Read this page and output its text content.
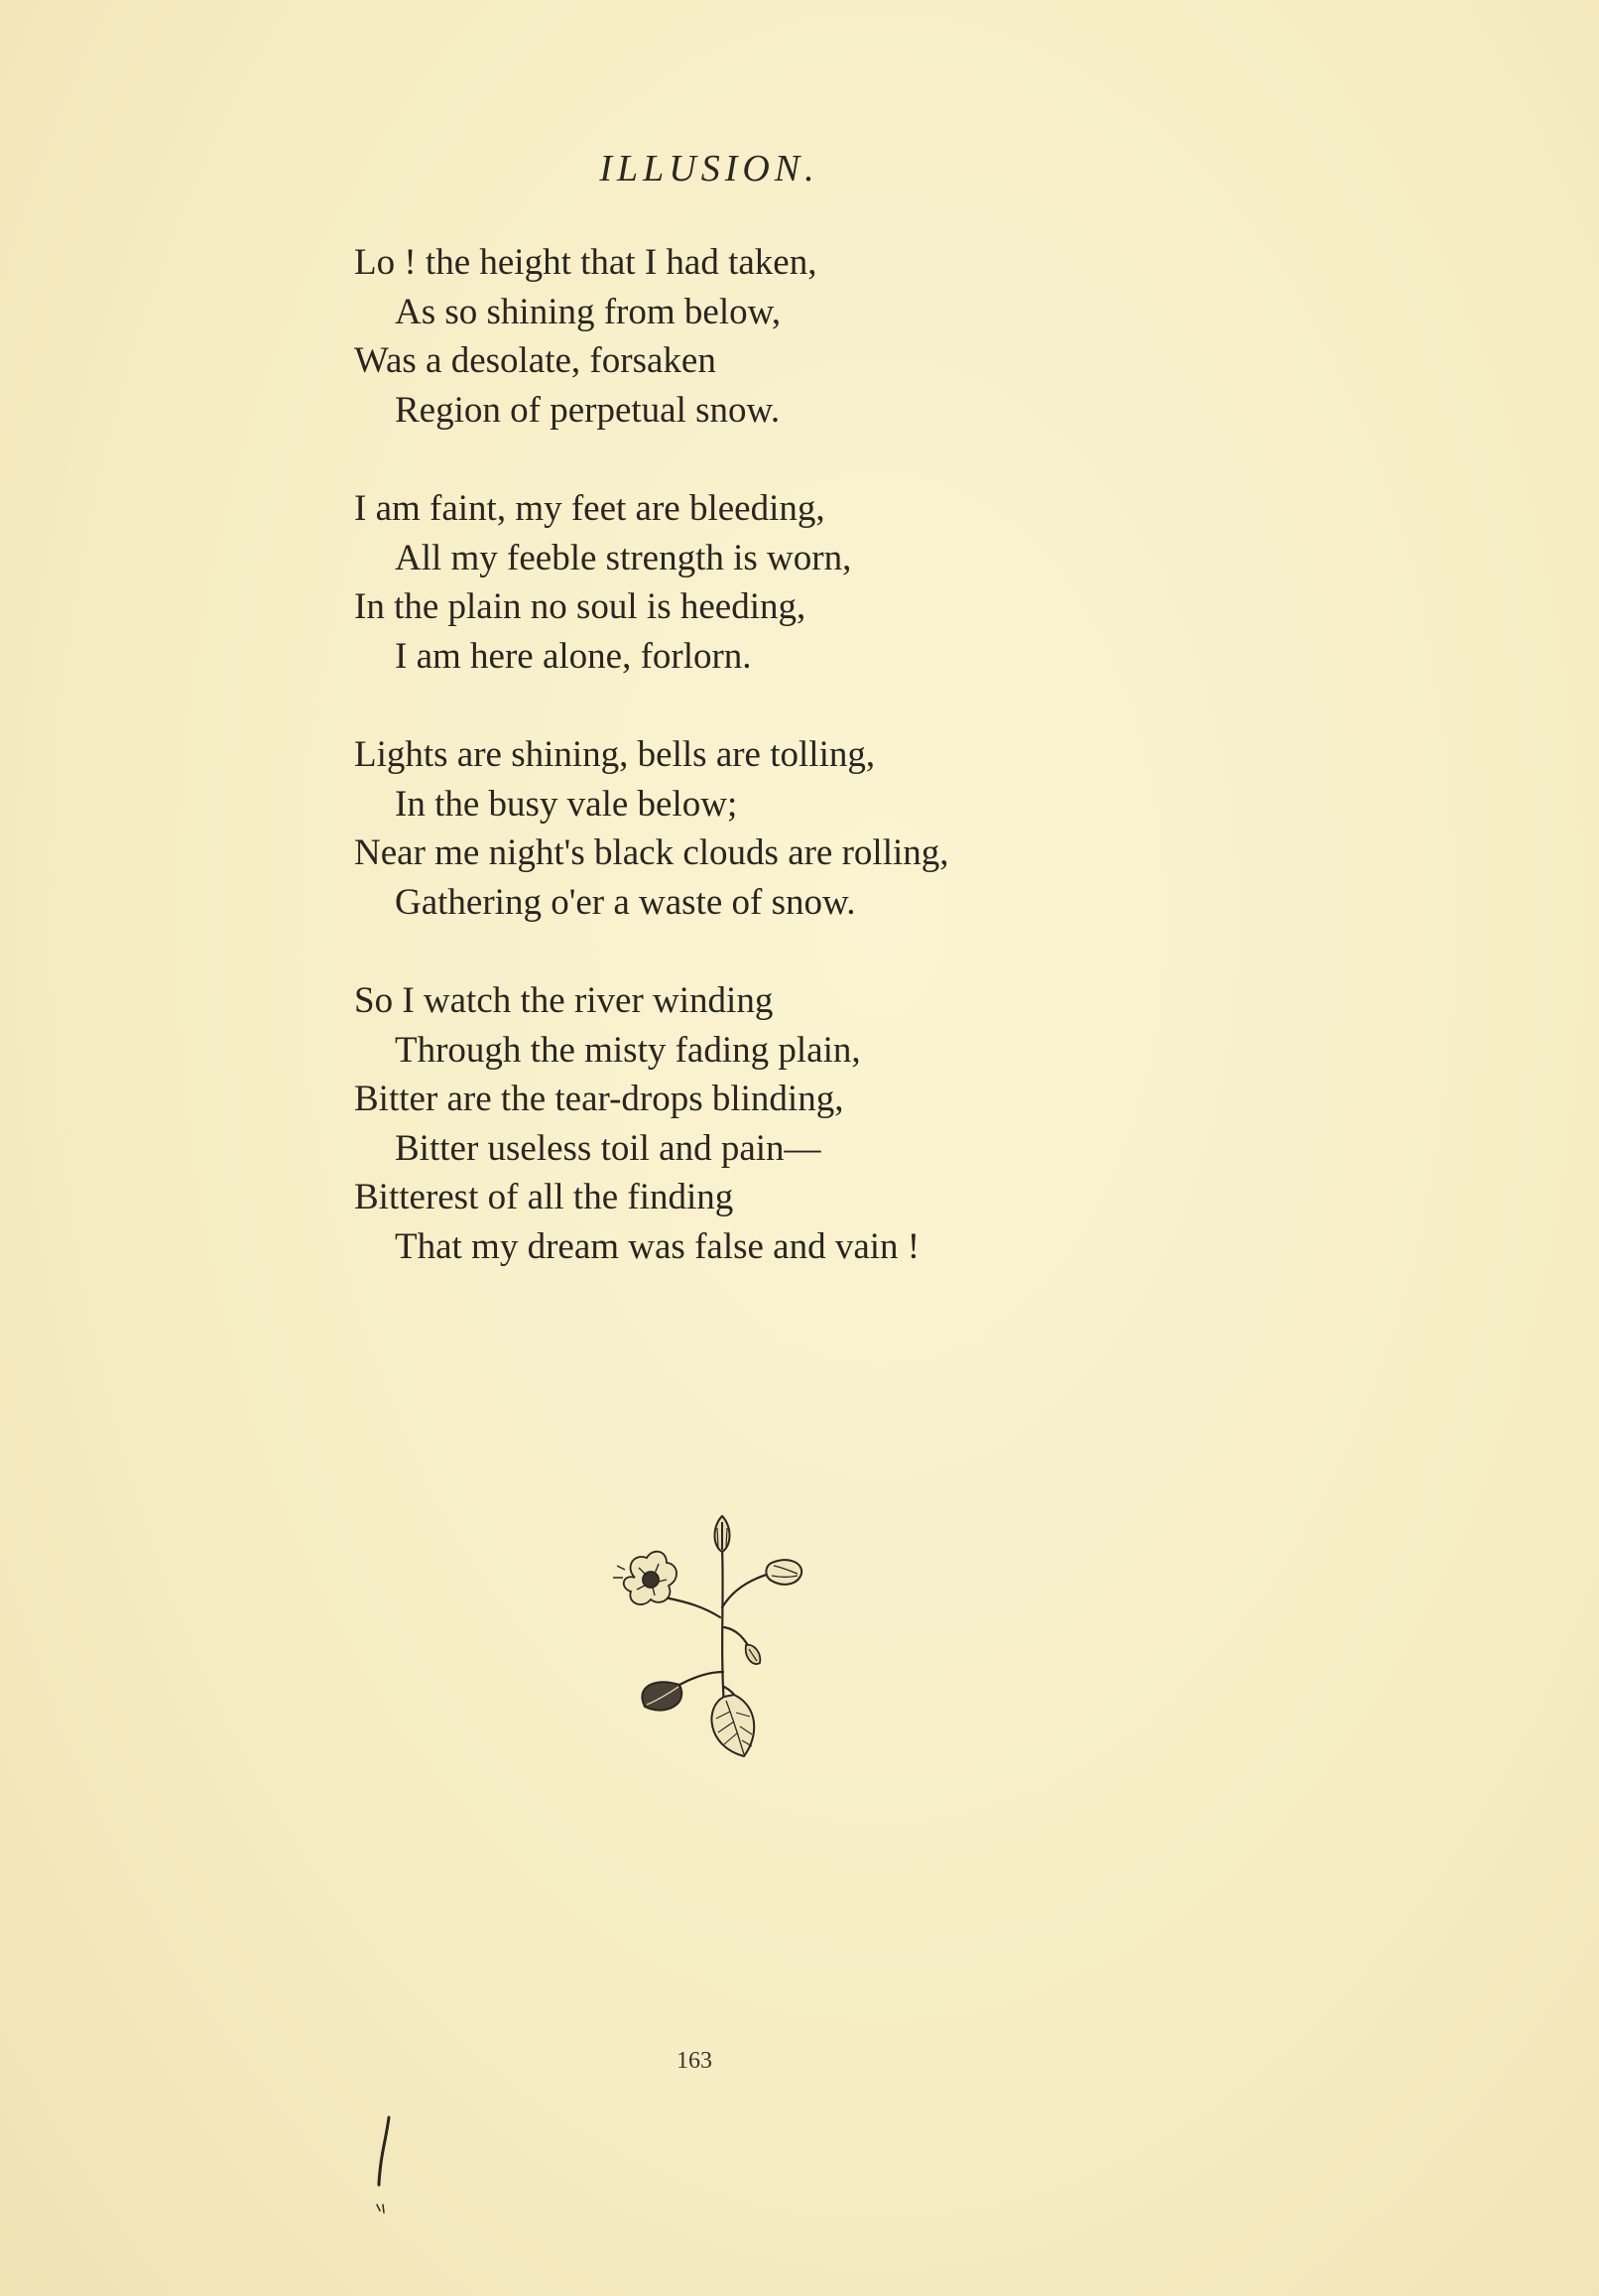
ILLUSION.
Lo ! the height that I had taken,
As so shining from below,
Was a desolate, forsaken
Region of perpetual snow.
I am faint, my feet are bleeding,
All my feeble strength is worn,
In the plain no soul is heeding,
I am here alone, forlorn.
Lights are shining, bells are tolling,
In the busy vale below;
Near me night's black clouds are rolling,
Gathering o'er a waste of snow.
So I watch the river winding
Through the misty fading plain,
Bitter are the tear-drops blinding,
Bitter useless toil and pain—
Bitterest of all the finding
That my dream was false and vain !
163
